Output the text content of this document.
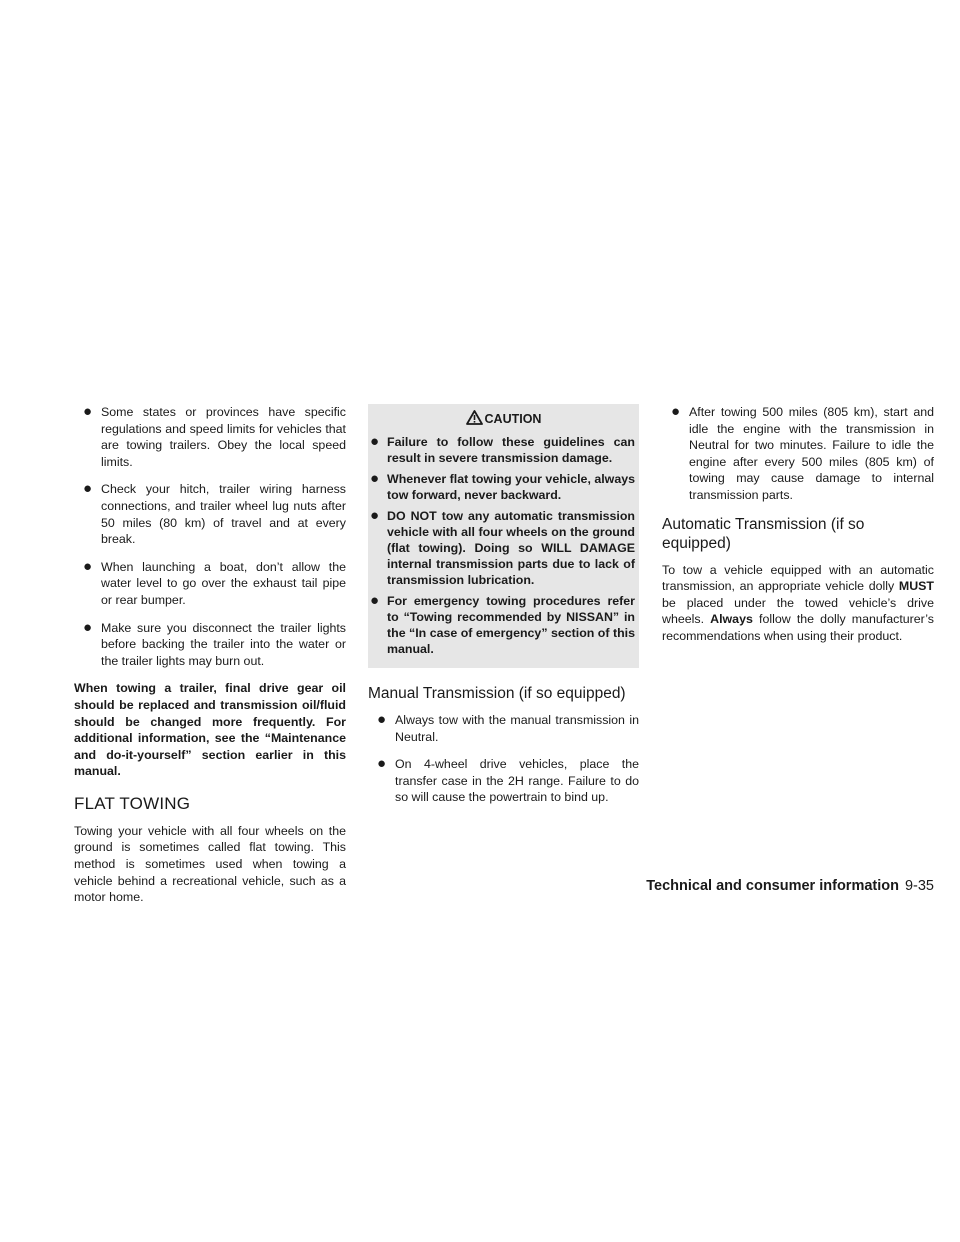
● Some states or provinces have specific regulations and speed limits for vehicles that are towing trailers. Obey the local speed limits.
● Check your hitch, trailer wiring harness connections, and trailer wheel lug nuts after 50 miles (80 km) of travel and at every break.
● When launching a boat, don’t allow the water level to go over the exhaust tail pipe or rear bumper.
● Make sure you disconnect the trailer lights before backing the trailer into the water or the trailer lights may burn out.

When towing a trailer, final drive gear oil should be replaced and transmission oil/fluid should be changed more frequently. For additional information, see the “Maintenance and do-it-yourself” section earlier in this manual.

FLAT TOWING

Towing your vehicle with all four wheels on the ground is sometimes called flat towing. This method is sometimes used when towing a vehicle behind a recreational vehicle, such as a motor home.

CAUTION
● Failure to follow these guidelines can result in severe transmission damage.
● Whenever flat towing your vehicle, always tow forward, never backward.
● DO NOT tow any automatic transmission vehicle with all four wheels on the ground (flat towing). Doing so WILL DAMAGE internal transmission parts due to lack of transmission lubrication.
● For emergency towing procedures refer to “Towing recommended by NISSAN” in the “In case of emergency” section of this manual.
Manual Transmission (if so equipped)
● Always tow with the manual transmission in Neutral.
● On 4-wheel drive vehicles, place the transfer case in the 2H range. Failure to do so will cause the powertrain to bind up.
● After towing 500 miles (805 km), start and idle the engine with the transmission in Neutral for two minutes. Failure to idle the engine after every 500 miles (805 km) of towing may cause damage to internal transmission parts.
Automatic Transmission (if so equipped)

To tow a vehicle equipped with an automatic transmission, an appropriate vehicle dolly MUST be placed under the towed vehicle’s drive wheels. Always follow the dolly manufacturer’s recommendations when using their product.

Technical and consumer information 9-35
